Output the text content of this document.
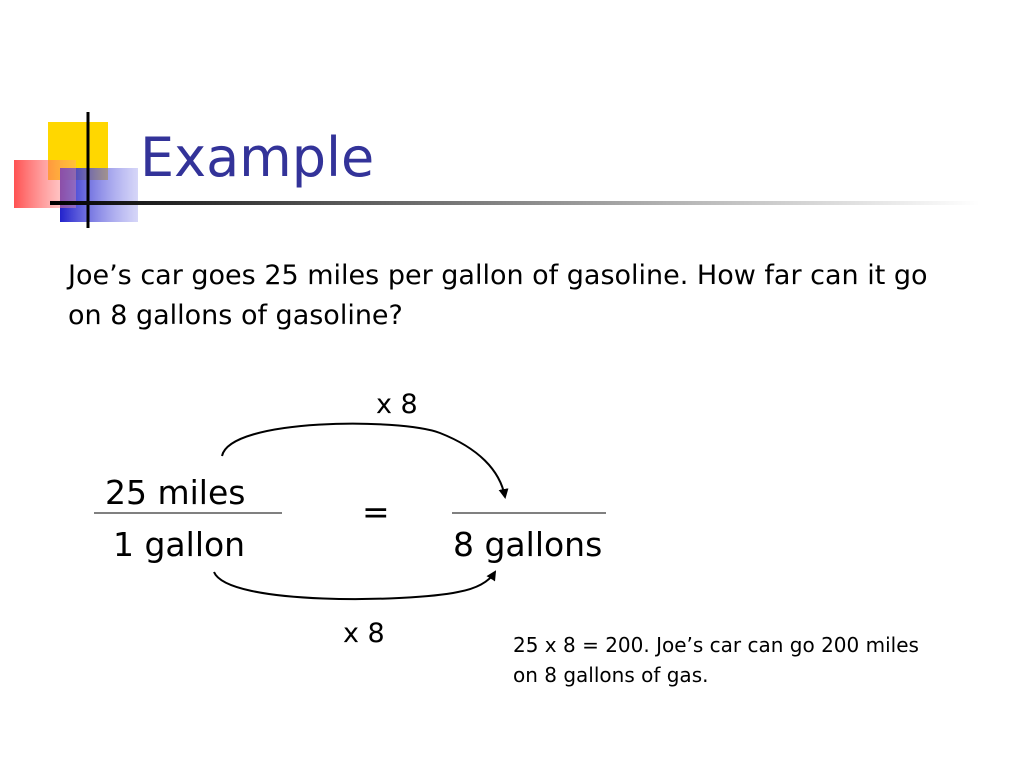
Example
Joe’s car goes 25 miles per gallon of gasoline. How far can it go on 8 gallons of gasoline?
25 miles
1 gallon
=
8 gallons
x 8
x 8	25 x 8 = 200. Joe’s car can go 200 miles on 8 gallons of gas.
